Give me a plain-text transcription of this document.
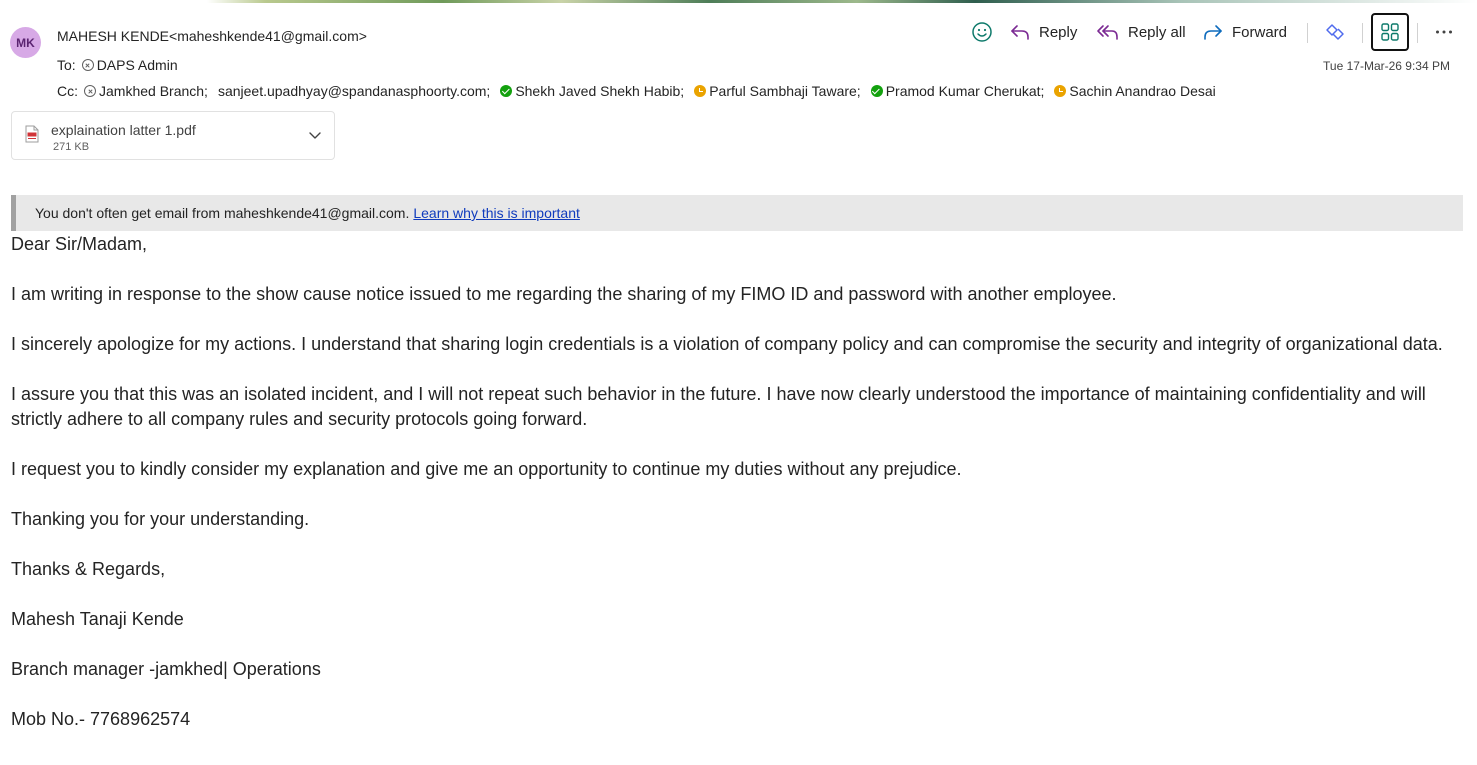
MK	MAHESH KENDE<maheshkende41@gmail.com>
To: DAPS Admin
Cc: Jamkhed Branch; sanjeet.upadhyay@spandanasphoorty.com; Shekh Javed Shekh Habib; Parful Sambhaji Taware; Pramod Kumar Cherukat; Sachin Anandrao Desai
Reply	Reply all	Forward
Tue 17-Mar-26 9:34 PM
explaination latter 1.pdf
271 KB
You don't often get email from maheshkende41@gmail.com. Learn why this is important

Dear Sir/Madam,

I am writing in response to the show cause notice issued to me regarding the sharing of my FIMO ID and password with another employee.

I sincerely apologize for my actions. I understand that sharing login credentials is a violation of company policy and can compromise the security and integrity of organizational data.

I assure you that this was an isolated incident, and I will not repeat such behavior in the future. I have now clearly understood the importance of maintaining confidentiality and will strictly adhere to all company rules and security protocols going forward.

I request you to kindly consider my explanation and give me an opportunity to continue my duties without any prejudice.

Thanking you for your understanding.

Thanks & Regards,

Mahesh Tanaji Kende

Branch manager -jamkhed| Operations

Mob No.- 7768962574
